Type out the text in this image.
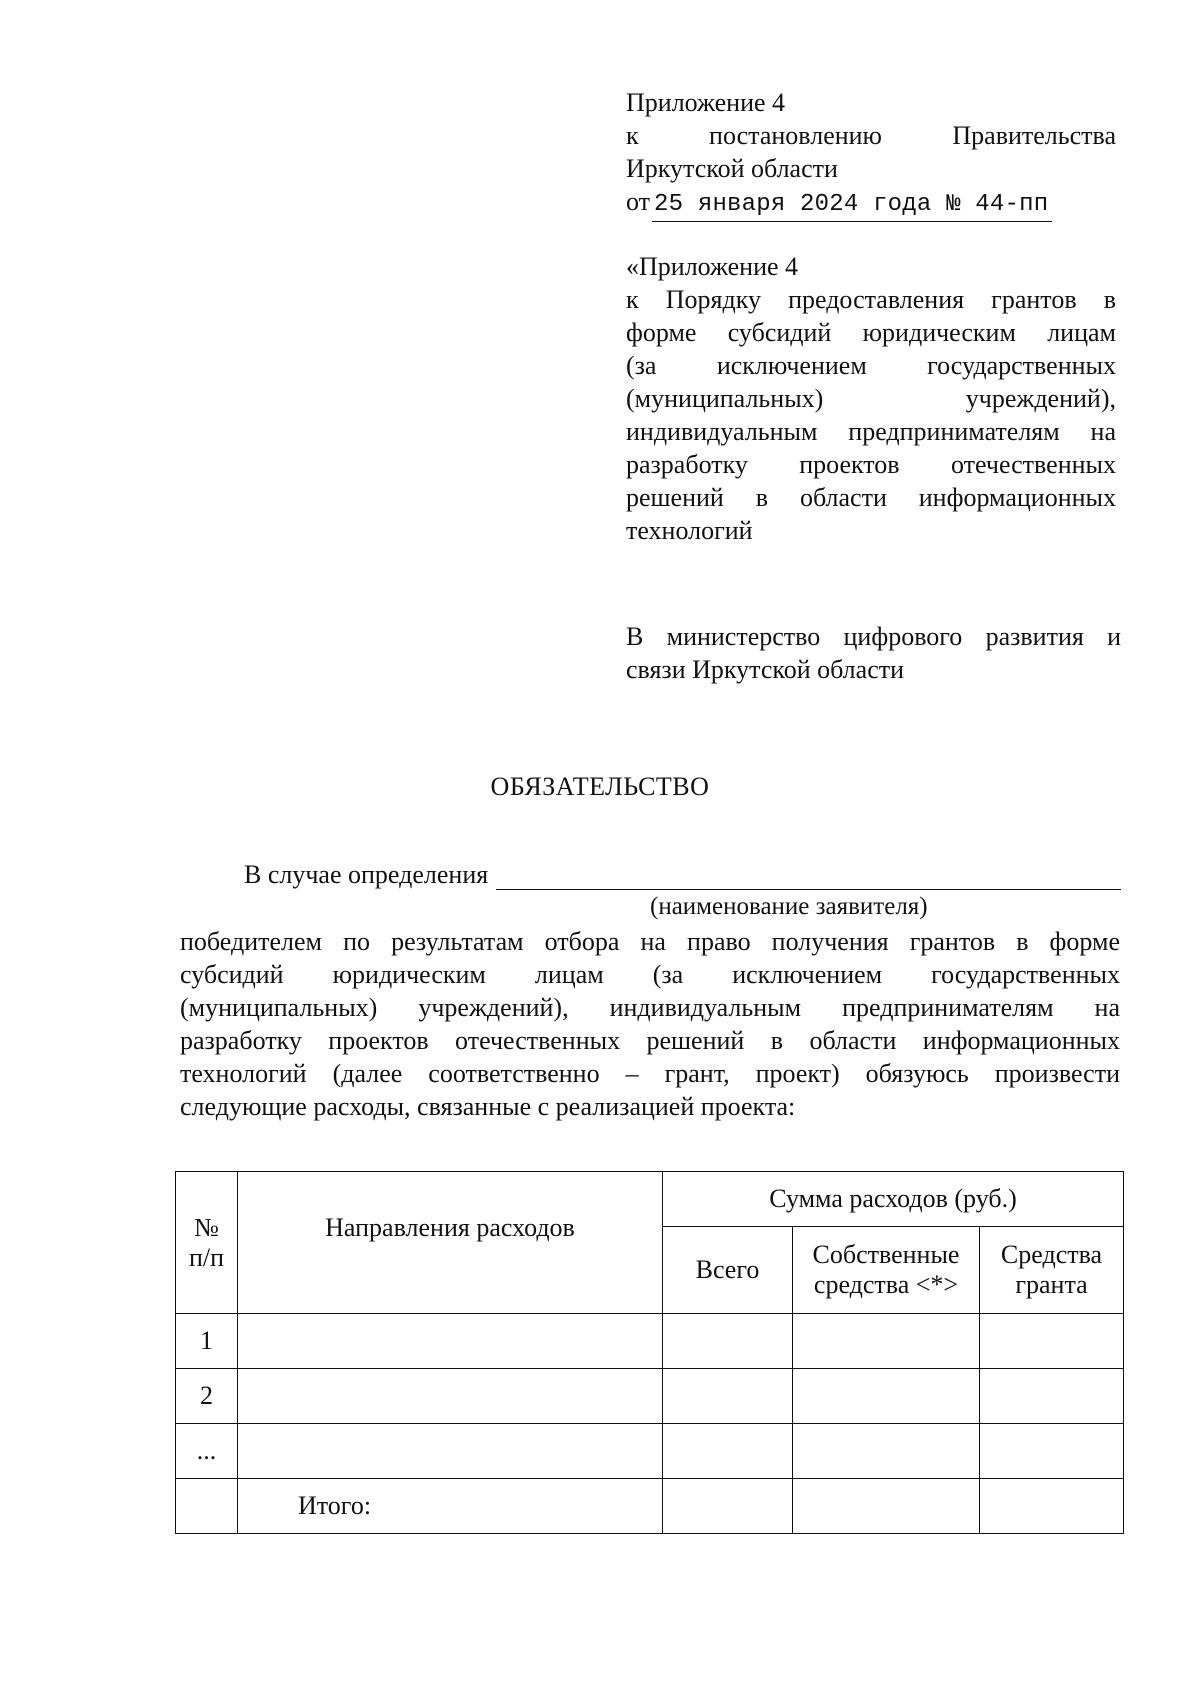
Приложение 4
к	постановлению	Правительства
Иркутской области
от 25 января 2024 года № 44-пп
«Приложение 4
к Порядку предоставления грантов в
форме субсидий юридическим лицам
(за исключением государственных
(муниципальных) учреждений),
индивидуальным предпринимателям на
разработку проектов отечественных
решений в области информационных
технологий
В министерство цифрового развития и
связи Иркутской области
ОБЯЗАТЕЛЬСТВО
В случае определения
(наименование заявителя)
победителем по результатам отбора на право получения грантов в форме
субсидий юридическим лицам (за исключением государственных
(муниципальных) учреждений), индивидуальным предпринимателям на
разработку проектов отечественных решений в области информационных
технологий (далее соответственно – грант, проект) обязуюсь произвести
следующие расходы, связанные с реализацией проекта:
№ п/п	Направления расходов	Сумма расходов (руб.)		
		Всего	Собственные средства <*>	Средства гранта
1				
2				
...				
	Итого:			
